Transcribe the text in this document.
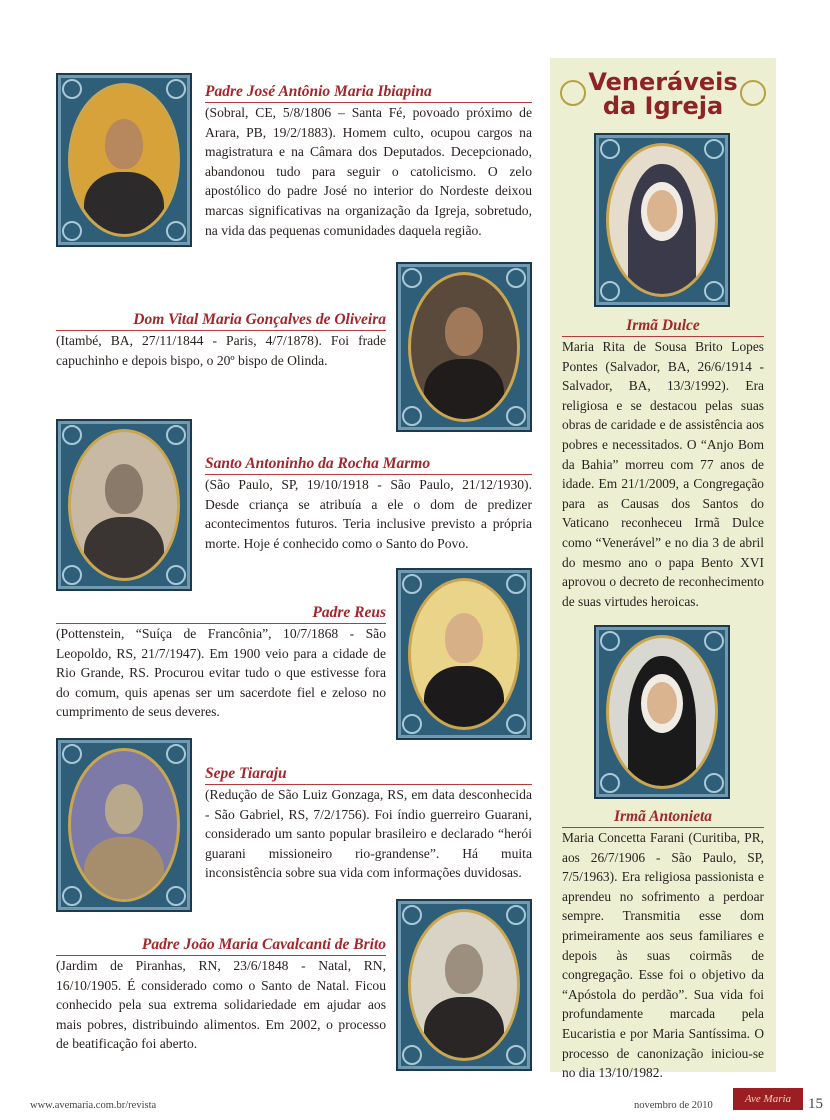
Padre José Antônio Maria Ibiapina
(Sobral, CE, 5/8/1806 – Santa Fé, povoado próximo de Arara, PB, 19/2/1883). Homem culto, ocupou cargos na magistratura e na Câmara dos Deputados. Decepcionado, abandonou tudo para seguir o catolicismo. O zelo apostólico do padre José no interior do Nordeste deixou marcas significativas na organização da Igreja, sobretudo, na vida das pequenas comunidades daquela região.
Dom Vital Maria Gonçalves de Oliveira
(Itambé, BA, 27/11/1844 - Paris, 4/7/1878). Foi frade capuchinho e depois bispo, o 20º bispo de Olinda.
Santo Antoninho da Rocha Marmo
(São Paulo, SP, 19/10/1918 - São Paulo, 21/12/1930). Desde criança se atribuía a ele o dom de predizer acontecimentos futuros. Teria inclusive previsto a própria morte. Hoje é conhecido como o Santo do Povo.
Padre Reus
(Pottenstein, “Suíça de Francônia”, 10/7/1868 - São Leopoldo, RS, 21/7/1947). Em 1900 veio para a cidade de Rio Grande, RS. Procurou evitar tudo o que estivesse fora do comum, quis apenas ser um sacerdote fiel e zeloso no cumprimento de seus deveres.
Sepe Tiaraju
(Redução de São Luiz Gonzaga, RS, em data desconhecida - São Gabriel, RS, 7/2/1756). Foi índio guerreiro Guarani, considerado um santo popular brasileiro e declarado “herói guarani missioneiro rio-grandense”. Há muita inconsistência sobre sua vida com informações duvidosas.
Padre João Maria Cavalcanti de Brito
(Jardim de Piranhas, RN, 23/6/1848 - Natal, RN, 16/10/1905. É considerado como o Santo de Natal. Ficou conhecido pela sua extrema solidariedade em ajudar aos mais pobres, distribuindo alimentos. Em 2002, o processo de beatificação foi aberto.
Veneráveis
da Igreja
Irmã Dulce
Maria Rita de Sousa Brito Lopes Pontes (Salvador, BA, 26/6/1914 - Salvador, BA, 13/3/1992). Era religiosa e se destacou pelas suas obras de caridade e de assistência aos pobres e necessitados. O “Anjo Bom da Bahia” morreu com 77 anos de idade. Em 21/1/2009, a Congregação para as Causas dos Santos do Vaticano reconheceu Irmã Dulce como “Venerável” e no dia 3 de abril do mesmo ano o papa Bento XVI aprovou o decreto de reconhecimento de suas virtudes heroicas.
Irmã Antonieta
Maria Concetta Farani (Curitiba, PR, aos 26/7/1906 - São Paulo, SP, 7/5/1963). Era religiosa passionista e aprendeu no sofrimento a perdoar sempre. Transmitia esse dom primeiramente aos seus familiares e depois às suas coirmãs de congregação. Esse foi o objetivo da “Apóstola do perdão”. Sua vida foi profundamente marcada pela Eucaristia e por Maria Santíssima. O processo de canonização iniciou-se no dia 13/10/1982.
www.avemaria.com.br/revista	novembro de 2010
Ave Maria	15
